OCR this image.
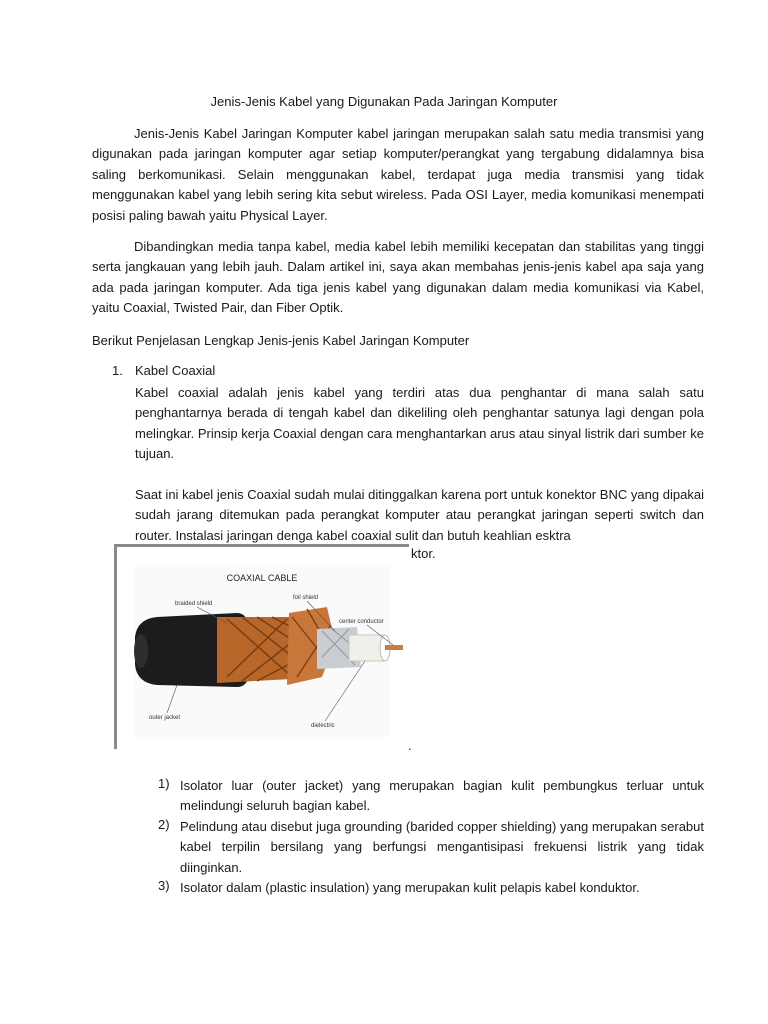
Jenis-Jenis Kabel yang Digunakan Pada Jaringan Komputer

Jenis-Jenis Kabel Jaringan Komputer kabel jaringan merupakan salah satu media transmisi yang digunakan pada jaringan komputer agar setiap komputer/perangkat yang tergabung didalamnya bisa saling berkomunikasi. Selain menggunakan kabel, terdapat juga media transmisi yang tidak menggunakan kabel yang lebih sering kita sebut wireless. Pada OSI Layer, media komunikasi menempati posisi paling bawah yaitu Physical Layer.

Dibandingkan media tanpa kabel, media kabel lebih memiliki kecepatan dan stabilitas yang tinggi serta jangkauan yang lebih jauh. Dalam artikel ini, saya akan membahas jenis-jenis kabel apa saja yang ada pada jaringan komputer. Ada tiga jenis kabel yang digunakan dalam media komunikasi via Kabel, yaitu Coaxial, Twisted Pair, dan Fiber Optik.

Berikut Penjelasan Lengkap Jenis-jenis Kabel Jaringan Komputer

1. Kabel Coaxial

Kabel coaxial adalah jenis kabel yang terdiri atas dua penghantar di mana salah satu penghantarnya berada di tengah kabel dan dikeliling oleh penghantar satunya lagi dengan pola melingkar. Prinsip kerja Coaxial dengan cara menghantarkan arus atau sinyal listrik dari sumber ke tujuan.

Saat ini kabel jenis Coaxial sudah mulai ditinggalkan karena port untuk konektor BNC yang dipakai sudah jarang ditemukan pada perangkat komputer atau perangkat jaringan seperti switch dan router. Instalasi jaringan denga kabel coaxial sulit dan butuh keahlian esktra

COAXIAL CABLE
braided shield
foil shield
center conductor
outer jacket
dielectric
ktor.
.
1) Isolator luar (outer jacket) yang merupakan bagian kulit pembungkus terluar untuk melindungi seluruh bagian kabel.

2) Pelindung atau disebut juga grounding (barided copper shielding) yang merupakan serabut kabel terpilin bersilang yang berfungsi mengantisipasi frekuensi listrik yang tidak diinginkan.

3) Isolator dalam (plastic insulation) yang merupakan kulit pelapis kabel konduktor.
